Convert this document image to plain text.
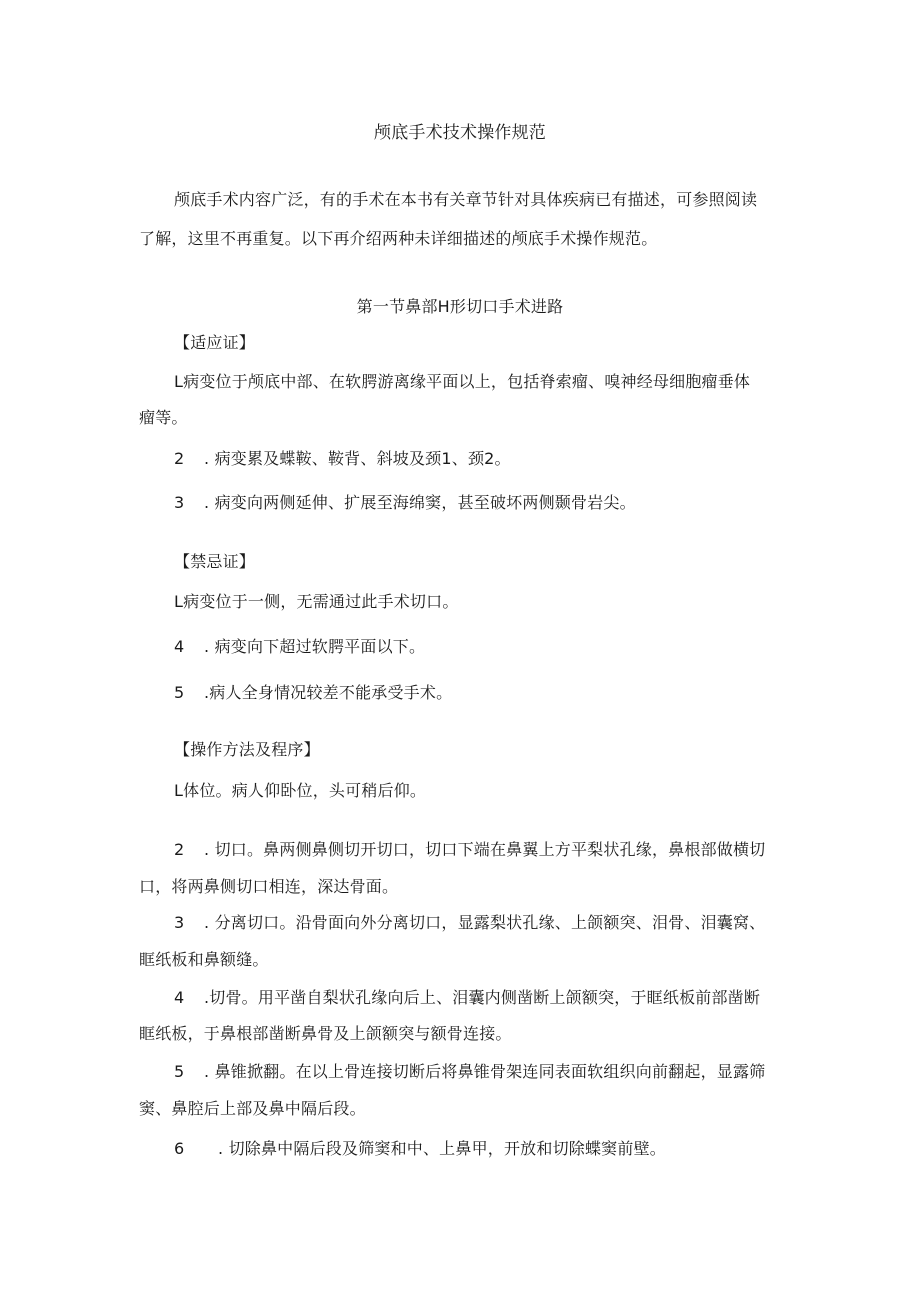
颅底手术技术操作规范
颅底手术内容广泛，有的手术在本书有关章节针对具体疾病已有描述，可参照阅读
了解，这里不再重复。以下再介绍两种未详细描述的颅底手术操作规范。
第一节鼻部H形切口手术进路
【适应证】
L病变位于颅底中部、在软腭游离缘平面以上，包括脊索瘤、嗅神经母细胞瘤垂体
瘤等。
2 . 病变累及蝶鞍、鞍背、斜坡及颈1、颈2。
3 . 病变向两侧延伸、扩展至海绵窦，甚至破坏两侧颞骨岩尖。
【禁忌证】
L病变位于一侧，无需通过此手术切口。
4 . 病变向下超过软腭平面以下。
5 .病人全身情况较差不能承受手术。
【操作方法及程序】
L体位。病人仰卧位，头可稍后仰。
2 . 切口。鼻两侧鼻侧切开切口，切口下端在鼻翼上方平梨状孔缘，鼻根部做横切
口，将两鼻侧切口相连，深达骨面。
3 . 分离切口。沿骨面向外分离切口，显露梨状孔缘、上颌额突、泪骨、泪囊窝、
眶纸板和鼻额缝。
4 .切骨。用平凿自梨状孔缘向后上、泪囊内侧凿断上颌额突，于眶纸板前部凿断
眶纸板，于鼻根部凿断鼻骨及上颌额突与额骨连接。
5 . 鼻锥掀翻。在以上骨连接切断后将鼻锥骨架连同表面软组织向前翻起，显露筛
窦、鼻腔后上部及鼻中隔后段。
6 . 切除鼻中隔后段及筛窦和中、上鼻甲，开放和切除蝶窦前壁。
